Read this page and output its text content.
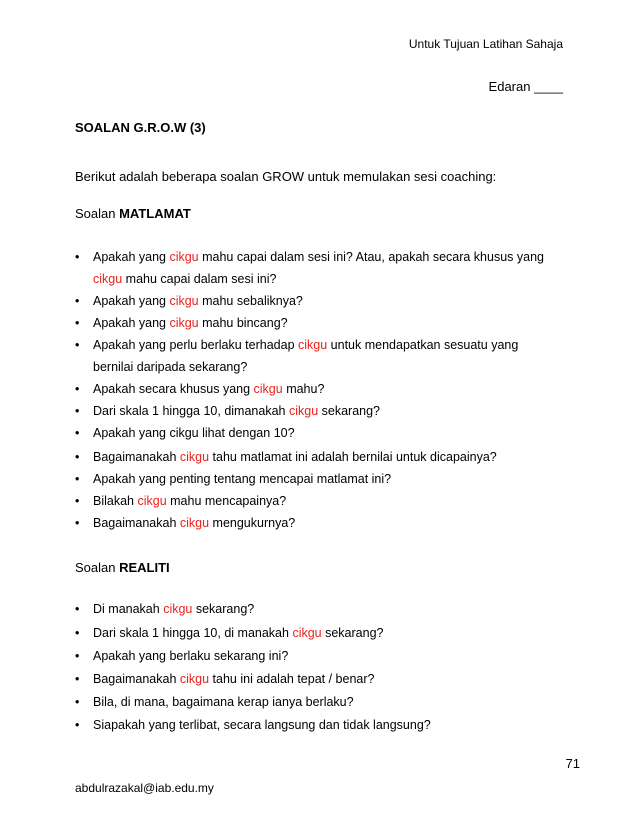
Untuk Tujuan Latihan Sahaja
Edaran ____
SOALAN G.R.O.W (3)
Berikut adalah beberapa soalan GROW untuk memulakan sesi coaching:
Soalan MATLAMAT
•	Apakah yang cikgu mahu capai dalam sesi ini? Atau, apakah secara khusus yang
cikgu mahu capai dalam sesi ini?
•	Apakah yang cikgu mahu sebaliknya?
•	Apakah yang cikgu mahu bincang?
•	Apakah yang perlu berlaku terhadap cikgu untuk mendapatkan sesuatu yang
bernilai daripada sekarang?
•	Apakah secara khusus yang cikgu mahu?
•	Dari skala 1 hingga 10, dimanakah cikgu sekarang?
•	Apakah yang cikgu lihat dengan 10?
•	Bagaimanakah cikgu tahu matlamat ini adalah bernilai untuk dicapainya?
•	Apakah yang penting tentang mencapai matlamat ini?
•	Bilakah cikgu mahu mencapainya?
•	Bagaimanakah cikgu mengukurnya?
Soalan REALITI
•	Di manakah cikgu sekarang?
•	Dari skala 1 hingga 10, di manakah cikgu sekarang?
•	Apakah yang berlaku sekarang ini?
•	Bagaimanakah cikgu tahu ini adalah tepat / benar?
•	Bila, di mana, bagaimana kerap ianya berlaku?
•	Siapakah yang terlibat, secara langsung dan tidak langsung?
71
abdulrazakal@iab.edu.my
